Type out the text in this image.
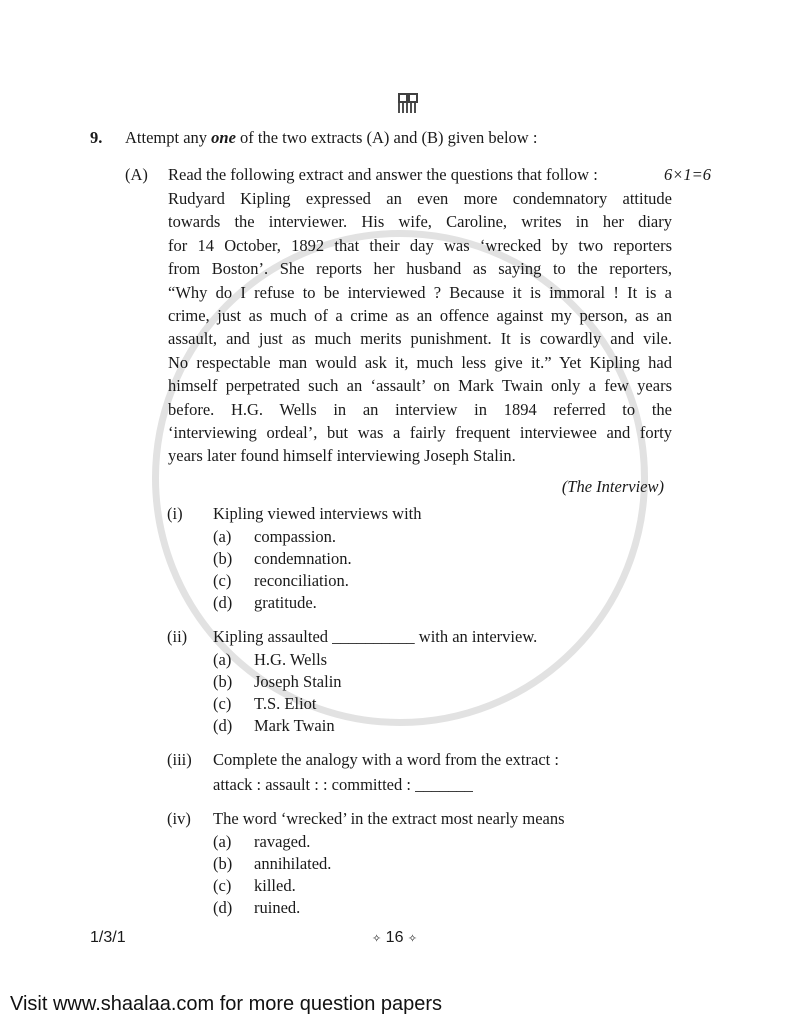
9. Attempt any one of the two extracts (A) and (B) given below :
(A) Read the following extract and answer the questions that follow :	6×1=6
Rudyard Kipling expressed an even more condemnatory attitude
towards the interviewer. His wife, Caroline, writes in her diary
for 14 October, 1892 that their day was ‘wrecked by two reporters
from Boston’. She reports her husband as saying to the reporters,
“Why do I refuse to be interviewed ? Because it is immoral ! It is a
crime, just as much of a crime as an offence against my person, as an
assault, and just as much merits punishment. It is cowardly and vile.
No respectable man would ask it, much less give it.” Yet Kipling had
himself perpetrated such an ‘assault’ on Mark Twain only a few years
before. H.G. Wells in an interview in 1894 referred to the
‘interviewing ordeal’, but was a fairly frequent interviewee and forty
years later found himself interviewing Joseph Stalin.
(The Interview)
(i) Kipling viewed interviews with
(a) compassion.
(b) condemnation.
(c) reconciliation.
(d) gratitude.
(ii) Kipling assaulted __________ with an interview.
(a) H.G. Wells
(b) Joseph Stalin
(c) T.S. Eliot
(d) Mark Twain
(iii) Complete the analogy with a word from the extract :
attack : assault : : committed : _______
(iv) The word ‘wrecked’ in the extract most nearly means
(a) ravaged.
(b) annihilated.
(c) killed.
(d) ruined.
1/3/1	✧ 16 ✧
Visit www.shaalaa.com for more question papers
